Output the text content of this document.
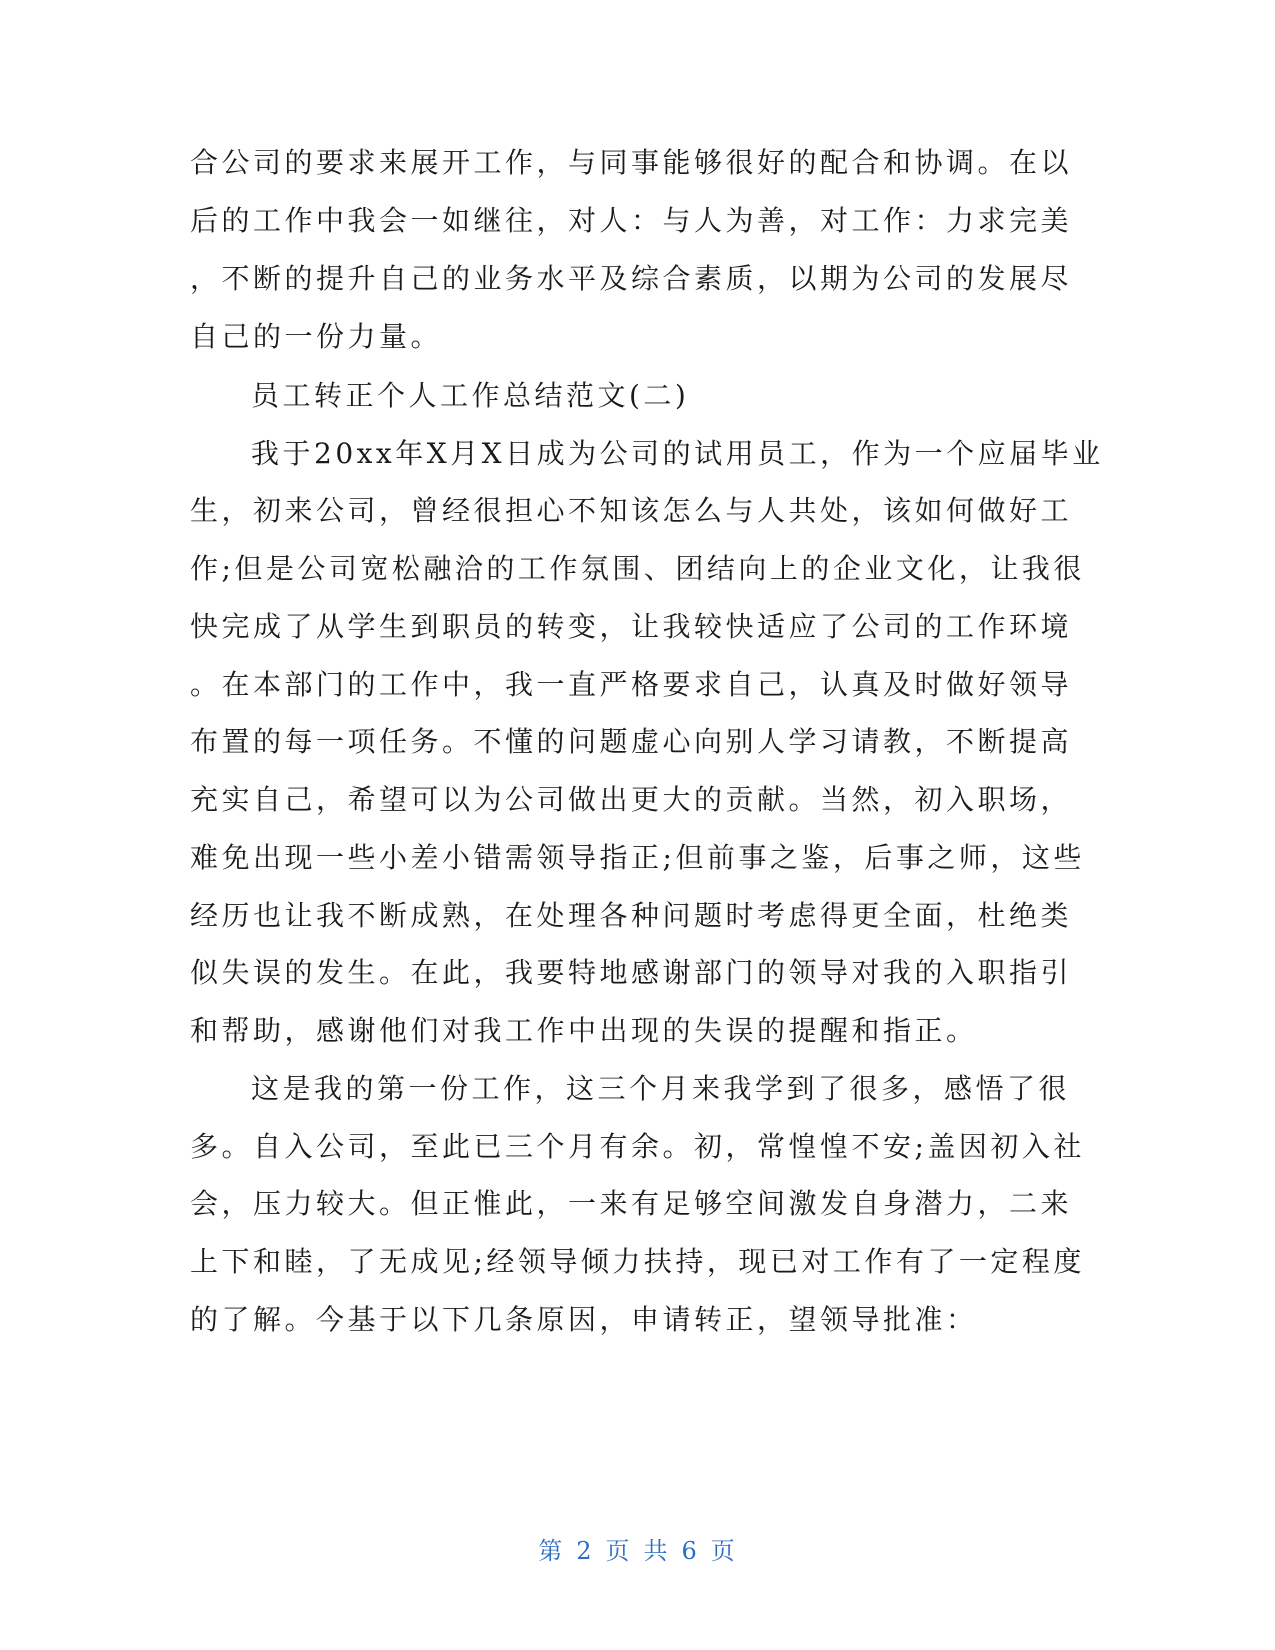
合公司的要求来展开工作，与同事能够很好的配合和协调。在以
后的工作中我会一如继往，对人：与人为善，对工作：力求完美
，不断的提升自己的业务水平及综合素质，以期为公司的发展尽
自己的一份力量。
员工转正个人工作总结范文(二)
我于20xx年X月X日成为公司的试用员工，作为一个应届毕业
生，初来公司，曾经很担心不知该怎么与人共处，该如何做好工
作;但是公司宽松融洽的工作氛围、团结向上的企业文化，让我很
快完成了从学生到职员的转变，让我较快适应了公司的工作环境
。在本部门的工作中，我一直严格要求自己，认真及时做好领导
布置的每一项任务。不懂的问题虚心向别人学习请教，不断提高
充实自己，希望可以为公司做出更大的贡献。当然，初入职场，
难免出现一些小差小错需领导指正;但前事之鉴，后事之师，这些
经历也让我不断成熟，在处理各种问题时考虑得更全面，杜绝类
似失误的发生。在此，我要特地感谢部门的领导对我的入职指引
和帮助，感谢他们对我工作中出现的失误的提醒和指正。
这是我的第一份工作，这三个月来我学到了很多，感悟了很
多。自入公司，至此已三个月有余。初，常惶惶不安;盖因初入社
会，压力较大。但正惟此，一来有足够空间激发自身潜力，二来
上下和睦，了无成见;经领导倾力扶持，现已对工作有了一定程度
的了解。今基于以下几条原因，申请转正，望领导批准：
第 2 页 共 6 页
